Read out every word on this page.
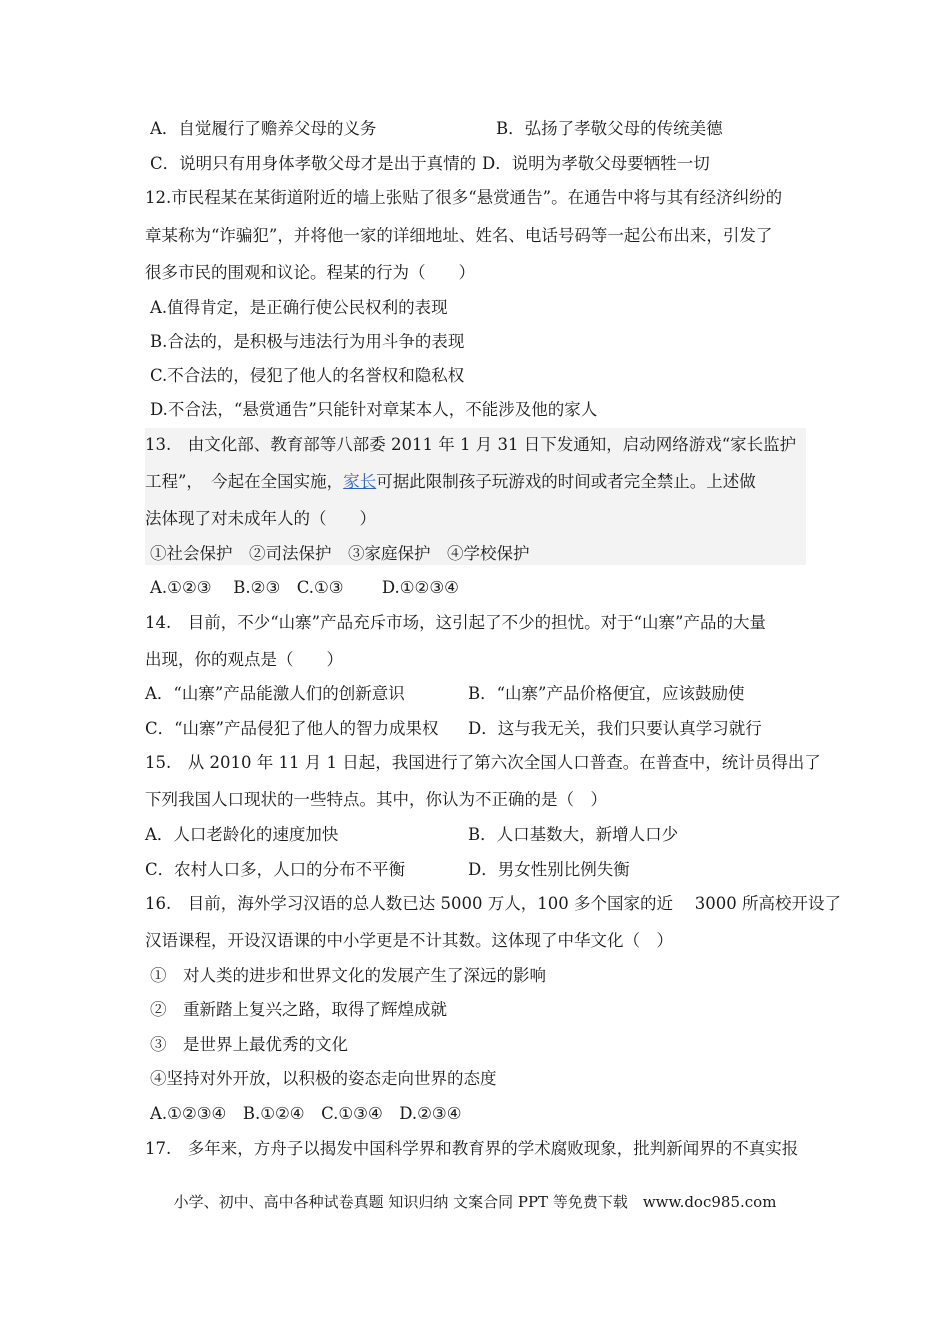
A．自觉履行了赡养父母的义务	B．弘扬了孝敬父母的传统美德
C．说明只有用身体孝敬父母才是出于真情的 D．说明为孝敬父母要牺牲一切
12.市民程某在某街道附近的墙上张贴了很多“悬赏通告”。在通告中将与其有经济纠纷的
章某称为“诈骗犯”，并将他一家的详细地址、姓名、电话号码等一起公布出来，引发了
很多市民的围观和议论。程某的行为（　　）
A.值得肯定，是正确行使公民权利的表现
B.合法的，是积极与违法行为用斗争的表现
C.不合法的，侵犯了他人的名誉权和隐私权
D.不合法，“悬赏通告”只能针对章某本人，不能涉及他的家人
13.　由文化部、教育部等八部委 2011 年 1 月 31 日下发通知，启动网络游戏“家长监护
工程”，　今起在全国实施，家长可据此限制孩子玩游戏的时间或者完全禁止。上述做
法体现了对未成年人的（　　）
①社会保护　②司法保护　③家庭保护　④学校保护
A.①②③　 B.②③　C.①③　　 D.①②③④
14.　目前，不少“山寨”产品充斥市场，这引起了不少的担忧。对于“山寨”产品的大量
出现，你的观点是（　　）
A．“山寨”产品能激人们的创新意识	B．“山寨”产品价格便宜，应该鼓励使
C．“山寨”产品侵犯了他人的智力成果权	D．这与我无关，我们只要认真学习就行
15.　从 2010 年 11 月 1 日起，我国进行了第六次全国人口普查。在普查中，统计员得出了
下列我国人口现状的一些特点。其中，你认为不正确的是（　）
A．人口老龄化的速度加快	B．人口基数大，新增人口少
C．农村人口多，人口的分布不平衡	D．男女性别比例失衡
16.　目前，海外学习汉语的总人数已达 5000 万人，100 多个国家的近　 3000 所高校开设了
汉语课程，开设汉语课的中小学更是不计其数。这体现了中华文化（　）
①　对人类的进步和世界文化的发展产生了深远的影响
②　重新踏上复兴之路，取得了辉煌成就
③　是世界上最优秀的文化
④坚持对外开放，以积极的姿态走向世界的态度
A.①②③④　B.①②④　C.①③④　D.②③④
17.　多年来，方舟子以揭发中国科学界和教育界的学术腐败现象，批判新闻界的不真实报
小学、初中、高中各种试卷真题 知识归纳 文案合同 PPT 等免费下载　www.doc985.com
